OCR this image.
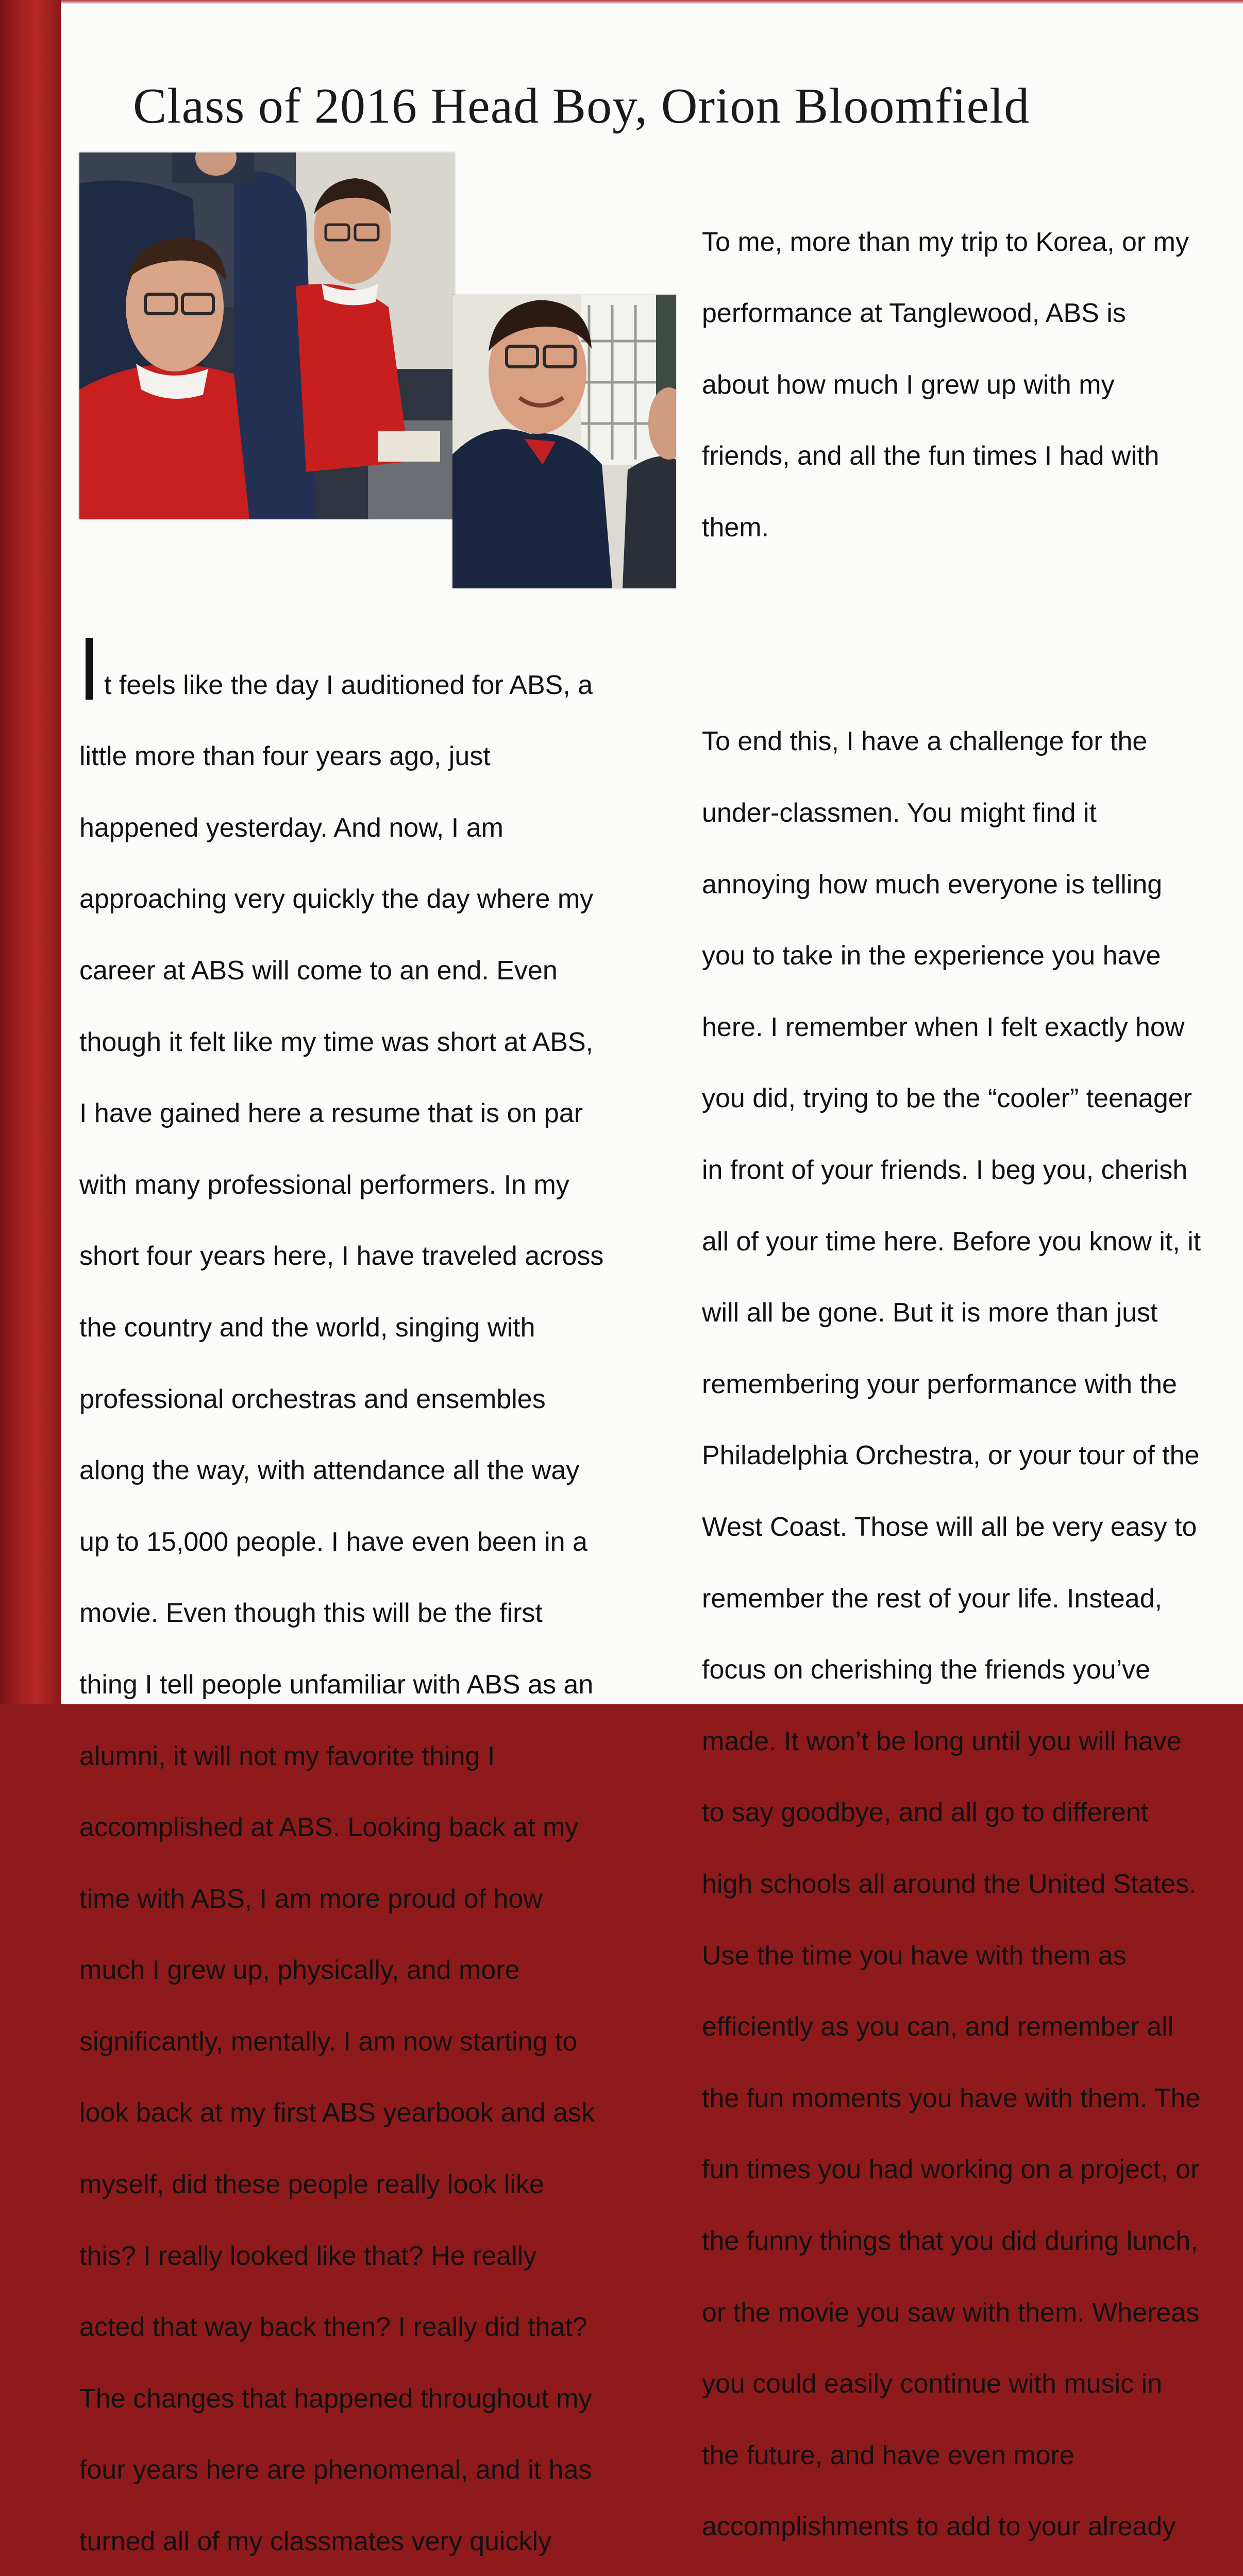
Class of 2016 Head Boy, Orion Bloomfield

t feels like the day I auditioned for ABS, a

little more than four years ago, just

happened yesterday. And now, I am

approaching very quickly the day where my

career at ABS will come to an end. Even

though it felt like my time was short at ABS,

I have gained here a resume that is on par

with many professional performers. In my

short four years here, I have traveled across

the country and the world, singing with

professional orchestras and ensembles

along the way, with attendance all the way

up to 15,000 people. I have even been in a

movie. Even though this will be the first

thing I tell people unfamiliar with ABS as an

alumni, it will not my favorite thing I

accomplished at ABS. Looking back at my

time with ABS, I am more proud of how

much I grew up, physically, and more

significantly, mentally. I am now starting to

look back at my first ABS yearbook and ask

myself, did these people really look like

this? I really looked like that? He really

acted that way back then? I really did that?

The changes that happened throughout my

four years here are phenomenal, and it has

turned all of my classmates very quickly

To me, more than my trip to Korea, or my

performance at Tanglewood, ABS is

about how much I grew up with my

friends, and all the fun times I had with

them.

To end this, I have a challenge for the

under-classmen. You might find it

annoying how much everyone is telling

you to take in the experience you have

here. I remember when I felt exactly how

you did, trying to be the “cooler” teenager

in front of your friends. I beg you, cherish

all of your time here. Before you know it, it

will all be gone. But it is more than just

remembering your performance with the

Philadelphia Orchestra, or your tour of the

West Coast. Those will all be very easy to

remember the rest of your life. Instead,

focus on cherishing the friends you’ve

made. It won’t be long until you will have

to say goodbye, and all go to different

high schools all around the United States.

Use the time you have with them as

efficiently as you can, and remember all

the fun moments you have with them. The

fun times you had working on a project, or

the funny things that you did during lunch,

or the movie you saw with them. Whereas

you could easily continue with music in

the future, and have even more

accomplishments to add to your already
